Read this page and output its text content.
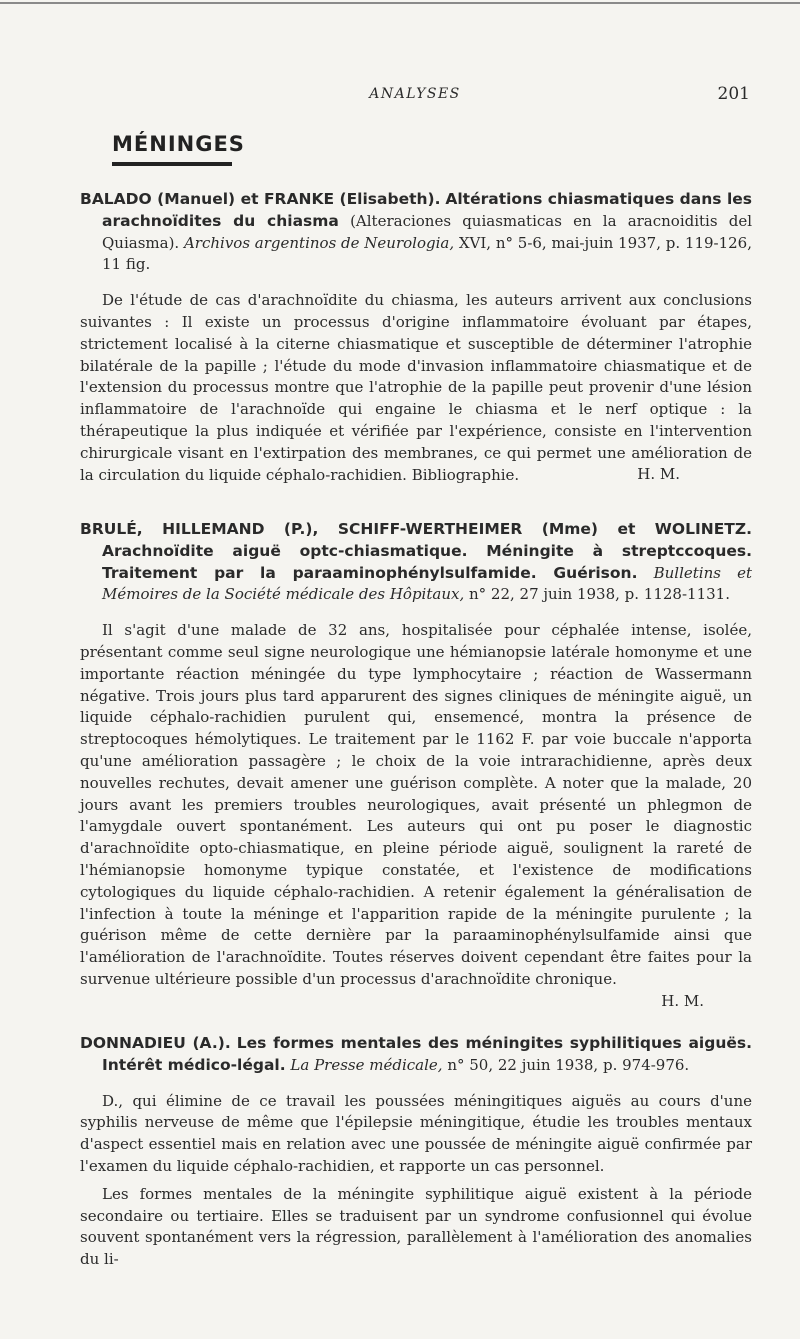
ANALYSES	201
MÉNINGES
BALADO (Manuel) et FRANKE (Elisabeth). Altérations chiasmatiques dans les arachnoïdites du chiasma (Alteraciones quiasmaticas en la aracnoiditis del Quiasma). Archivos argentinos de Neurologia, XVI, n° 5-6, mai-juin 1937, p. 119-126, 11 fig.

De l'étude de cas d'arachnoïdite du chiasma, les auteurs arrivent aux conclusions suivantes : Il existe un processus d'origine inflammatoire évoluant par étapes, strictement localisé à la citerne chiasmatique et susceptible de déterminer l'atrophie bilatérale de la papille ; l'étude du mode d'invasion inflammatoire chiasmatique et de l'extension du processus montre que l'atrophie de la papille peut provenir d'une lésion inflammatoire de l'arachnoïde qui engaine le chiasma et le nerf optique : la thérapeutique la plus indiquée et vérifiée par l'expérience, consiste en l'intervention chirurgicale visant en l'extirpation des membranes, ce qui permet une amélioration de la circulation du liquide céphalo-rachidien. Bibliographie.	H. M.
BRULÉ, HILLEMAND (P.), SCHIFF-WERTHEIMER (Mme) et WOLINETZ. Arachnoïdite aiguë optc-chiasmatique. Méningite à streptccoques. Traitement par la paraaminophénylsulfamide. Guérison. Bulletins et Mémoires de la Société médicale des Hôpitaux, n° 22, 27 juin 1938, p. 1128-1131.

Il s'agit d'une malade de 32 ans, hospitalisée pour céphalée intense, isolée, présentant comme seul signe neurologique une hémianopsie latérale homonyme et une importante réaction méningée du type lymphocytaire ; réaction de Wassermann négative. Trois jours plus tard apparurent des signes cliniques de méningite aiguë, un liquide céphalo-rachidien purulent qui, ensemencé, montra la présence de streptocoques hémolytiques. Le traitement par le 1162 F. par voie buccale n'apporta qu'une amélioration passagère ; le choix de la voie intrarachidienne, après deux nouvelles rechutes, devait amener une guérison complète. A noter que la malade, 20 jours avant les premiers troubles neurologiques, avait présenté un phlegmon de l'amygdale ouvert spontanément. Les auteurs qui ont pu poser le diagnostic d'arachnoïdite opto-chiasmatique, en pleine période aiguë, soulignent la rareté de l'hémianopsie homonyme typique constatée, et l'existence de modifications cytologiques du liquide céphalo-rachidien. A retenir également la généralisation de l'infection à toute la méninge et l'apparition rapide de la méningite purulente ; la guérison même de cette dernière par la paraaminophénylsulfamide ainsi que l'amélioration de l'arachnoïdite. Toutes réserves doivent cependant être faites pour la survenue ultérieure possible d'un processus d'arachnoïdite chronique.

H. M.
DONNADIEU (A.). Les formes mentales des méningites syphilitiques aiguës. Intérêt médico-légal. La Presse médicale, n° 50, 22 juin 1938, p. 974-976.

D., qui élimine de ce travail les poussées méningitiques aiguës au cours d'une syphilis nerveuse de même que l'épilepsie méningitique, étudie les troubles mentaux d'aspect essentiel mais en relation avec une poussée de méningite aiguë confirmée par l'examen du liquide céphalo-rachidien, et rapporte un cas personnel.

Les formes mentales de la méningite syphilitique aiguë existent à la période secondaire ou tertiaire. Elles se traduisent par un syndrome confusionnel qui évolue souvent spontanément vers la régression, parallèlement à l'amélioration des anomalies du li-
